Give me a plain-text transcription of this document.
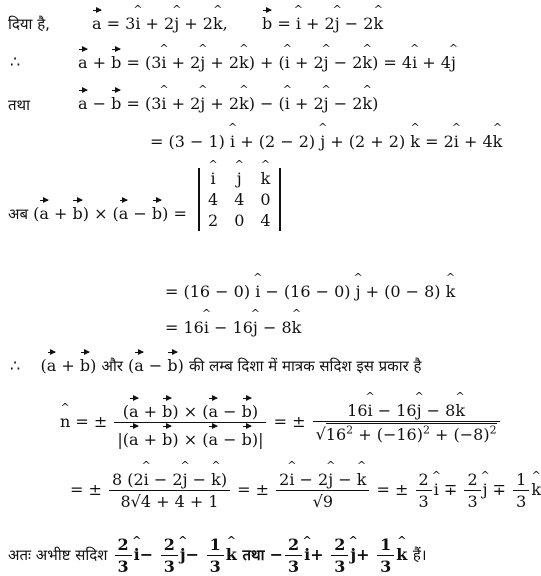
दिया है,	a = 3^ i + 2^ j + 2^ k, b = ^ i + 2^ j − 2^ k
∴	a + b = (3^ i + 2^ j + 2^ k) + (^ i + 2^ j − 2^ k) = 4^ i + 4^ j
तथा	a − b = (3^ i + 2^ j + 2^ k) − (^ i + 2^ j − 2^ k)
= (3 − 1) ^ i + (2 − 2) ^ j + (2 + 2) ^ k = 2^ i + 4^ k
अब (a + b) × (a − b) =
^ i	^ j	^ k
4	4	0
2	0	4
= (16 − 0) ^ i − (16 − 0) ^ j + (0 − 8) ^ k
= 16^ i − 16^ j − 8^ k
∴    (a + b) और (a − b) की लम्ब दिशा में मात्रक सदिश इस प्रकार है
^ n = ± $\frac{(a + b) \times (a - b)}{|(a + b) \times (a - b)|}$ = ± $\frac{16\^{} i - 16\^{} j - 8\^{} k}{√16^2 + (-16)^2 + (-8)^2}$
= ± $\frac{8 (2\^{} i - 2\^{} j - \^{} k)}{8√4 + 4 + 1}$ = ± $\frac{2\^{} i - 2\^{} j - \^{} k}{√9}$ = ± $\frac{2}{3}$ ^ $i \mp \frac{2}{3}$ ^ $j \mp \frac{1}{3}$ ^ k
अतः अभीष्ट सदिश $\frac{2}{3}$ ^ $i- \frac{2}{3}$ ^ $j- \frac{1}{3}$ ^ k तथा − $\frac{2}{3}$ ^ $i+ \frac{2}{3}$ ^ $j+ \frac{1}{3}$ ^ k हैं।
